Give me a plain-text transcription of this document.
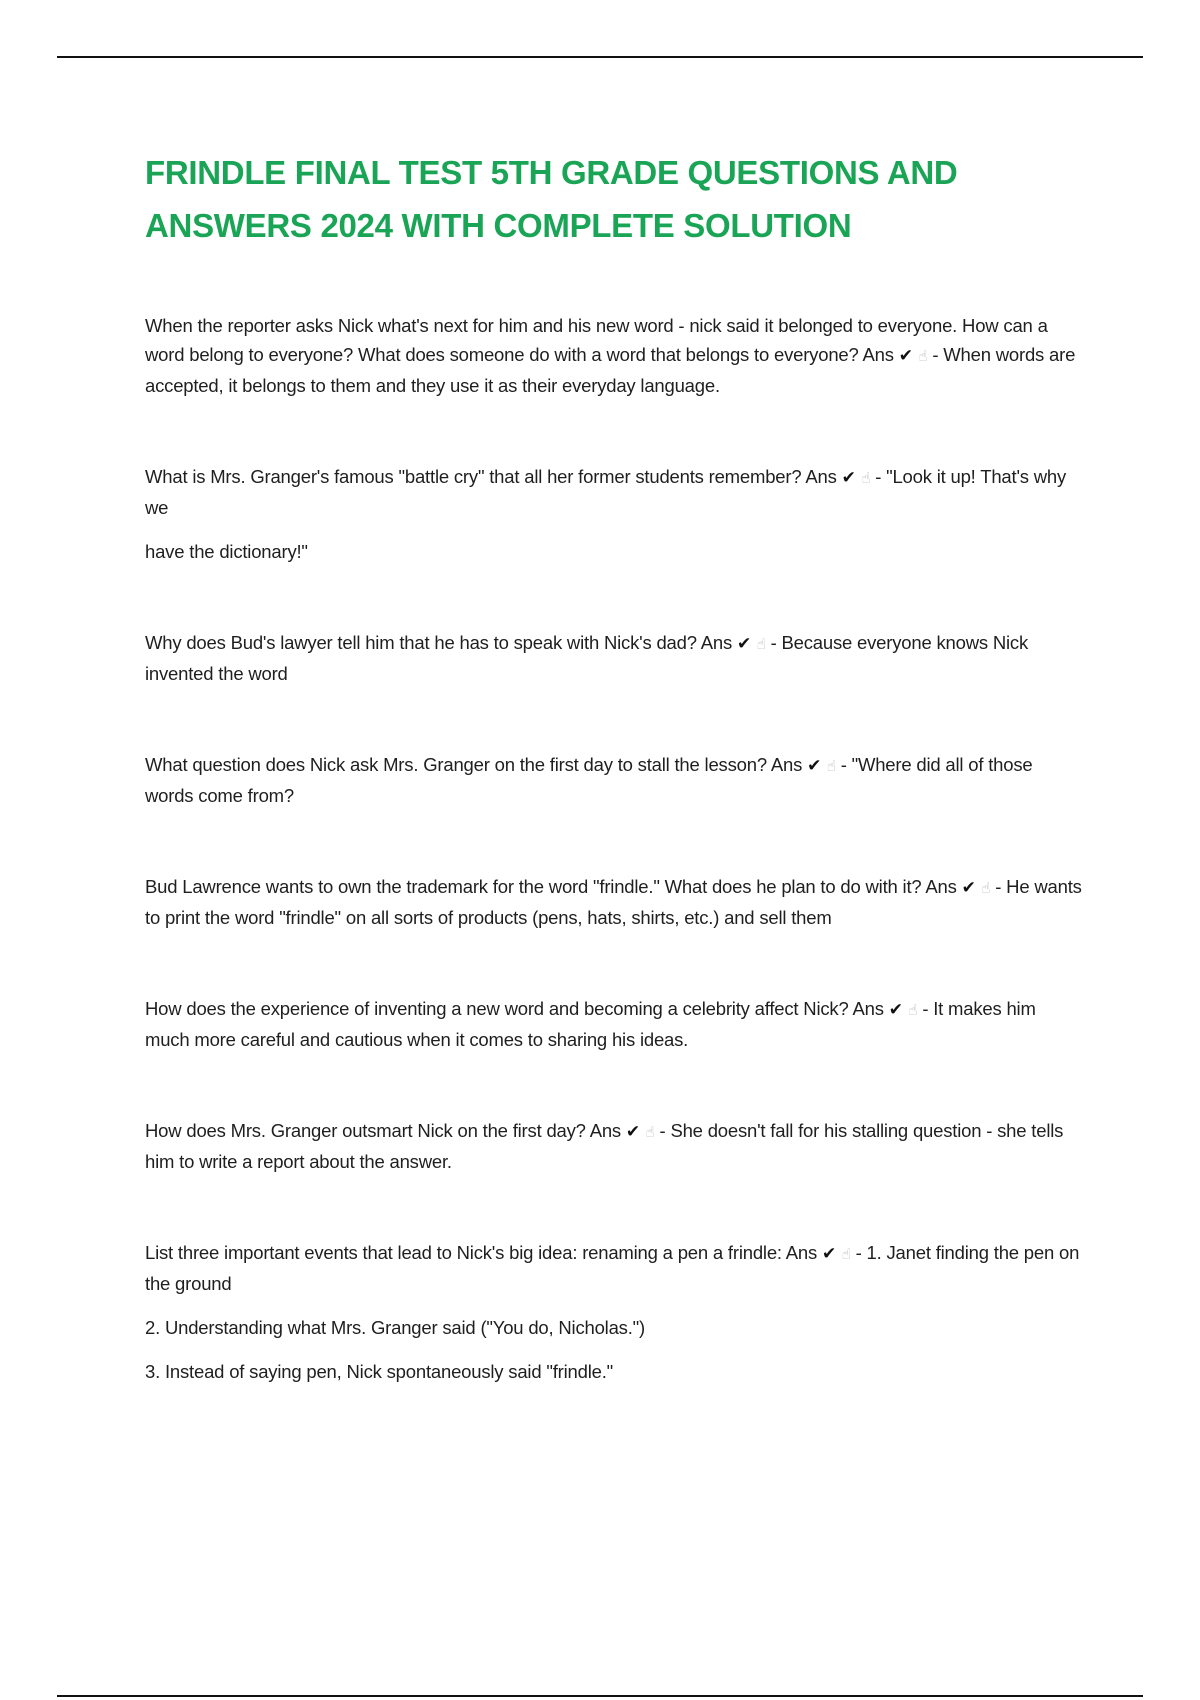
FRINDLE FINAL TEST 5TH GRADE QUESTIONS AND ANSWERS 2024 WITH COMPLETE SOLUTION

When the reporter asks Nick what's next for him and his new word - nick said it belonged to everyone. How can a word belong to everyone? What does someone do with a word that belongs to everyone? Ans ✔ ☝ - When words are accepted, it belongs to them and they use it as their everyday language.

What is Mrs. Granger's famous "battle cry" that all her former students remember? Ans ✔ ☝ - "Look it up! That's why we

have the dictionary!"

Why does Bud's lawyer tell him that he has to speak with Nick's dad? Ans ✔ ☝ - Because everyone knows Nick invented the word

What question does Nick ask Mrs. Granger on the first day to stall the lesson? Ans ✔ ☝ - "Where did all of those words come from?

Bud Lawrence wants to own the trademark for the word "frindle." What does he plan to do with it? Ans ✔ ☝ - He wants to print the word "frindle" on all sorts of products (pens, hats, shirts, etc.) and sell them

How does the experience of inventing a new word and becoming a celebrity affect Nick? Ans ✔ ☝ - It makes him much more careful and cautious when it comes to sharing his ideas.

How does Mrs. Granger outsmart Nick on the first day? Ans ✔ ☝ - She doesn't fall for his stalling question - she tells him to write a report about the answer.

List three important events that lead to Nick's big idea: renaming a pen a frindle: Ans ✔ ☝ - 1. Janet finding the pen on the ground

2. Understanding what Mrs. Granger said ("You do, Nicholas.")

3. Instead of saying pen, Nick spontaneously said "frindle."
